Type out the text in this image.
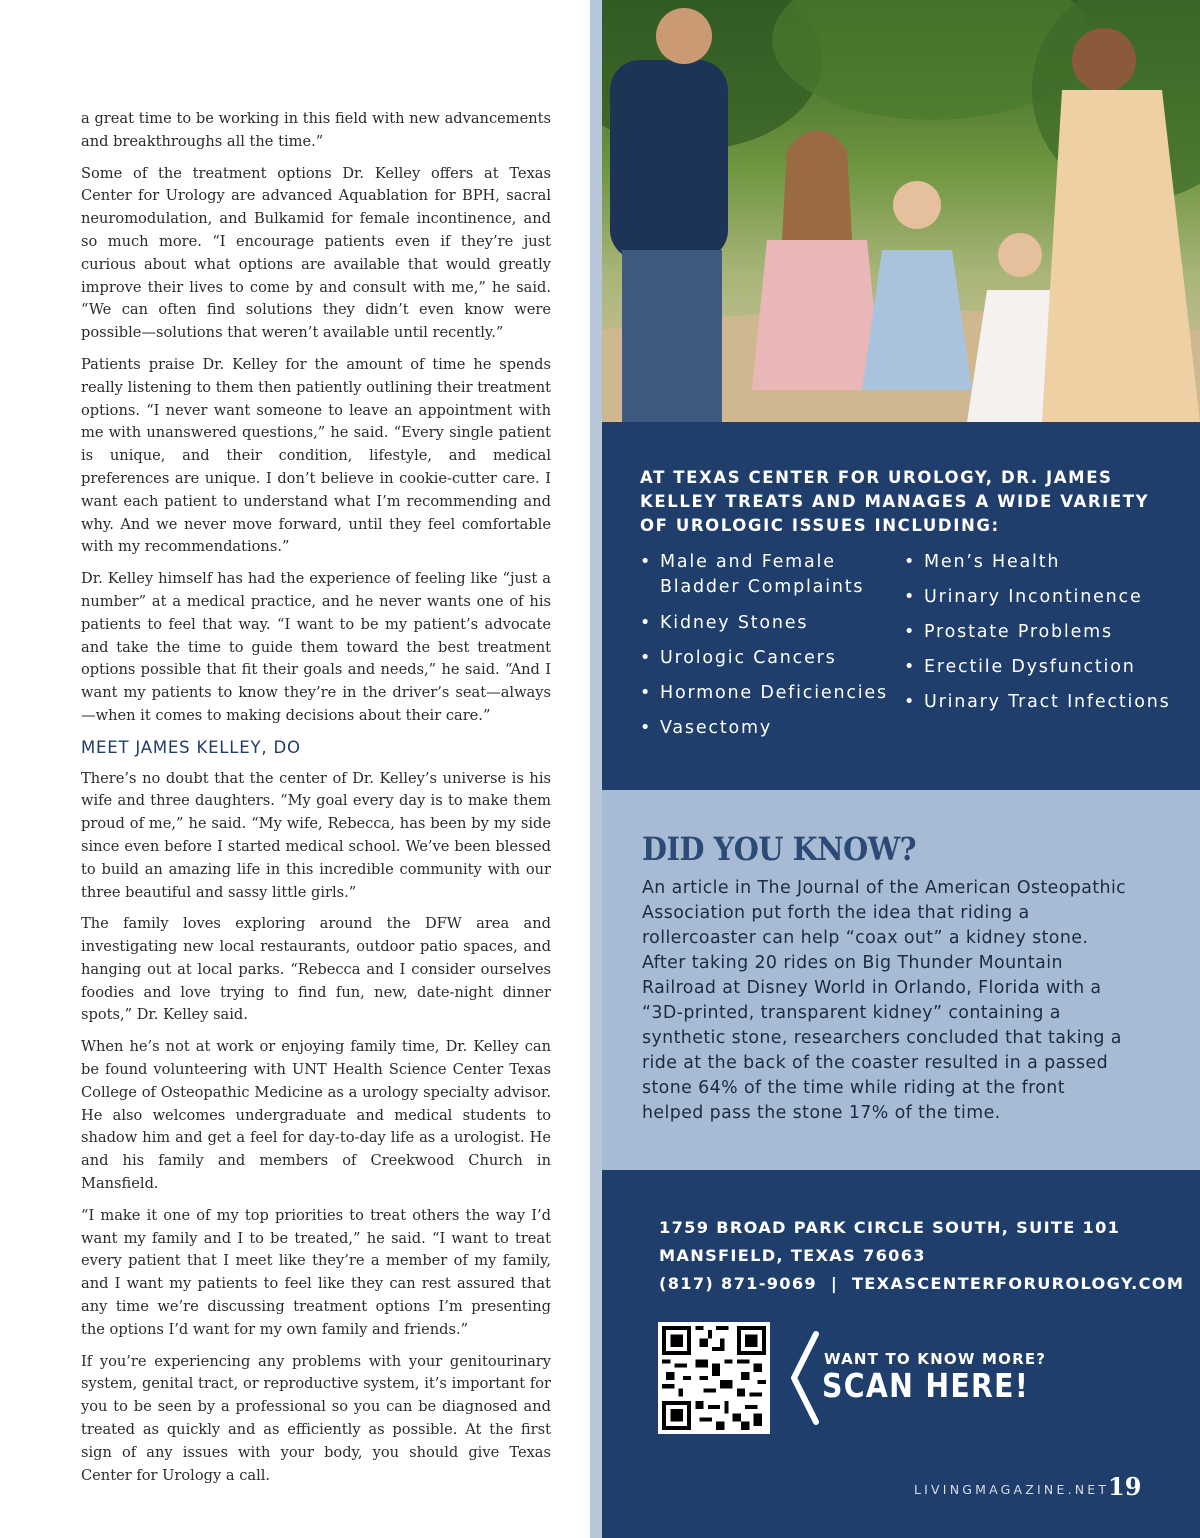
a great time to be working in this field with new advancements and breakthroughs all the time.”

Some of the treatment options Dr. Kelley offers at Texas Center for Urology are advanced Aquablation for BPH, sacral neuromodulation, and Bulkamid for female incontinence, and so much more. “I encourage patients even if they’re just curious about what options are available that would greatly improve their lives to come by and consult with me,” he said. “We can often find solutions they didn’t even know were possible—solutions that weren’t available until recently.”

Patients praise Dr. Kelley for the amount of time he spends really listening to them then patiently outlining their treatment options. “I never want someone to leave an appointment with me with unanswered questions,” he said. “Every single patient is unique, and their condition, lifestyle, and medical preferences are unique. I don’t believe in cookie-cutter care. I want each patient to understand what I’m recommending and why. And we never move forward, until they feel comfortable with my recommendations.”

Dr. Kelley himself has had the experience of feeling like “just a number” at a medical practice, and he never wants one of his patients to feel that way. “I want to be my patient’s advocate and take the time to guide them toward the best treatment options possible that fit their goals and needs,” he said. “And I want my patients to know they’re in the driver’s seat—always—when it comes to making decisions about their care.”

MEET JAMES KELLEY, DO

There’s no doubt that the center of Dr. Kelley’s universe is his wife and three daughters. “My goal every day is to make them proud of me,” he said. “My wife, Rebecca, has been by my side since even before I started medical school. We’ve been blessed to build an amazing life in this incredible community with our three beautiful and sassy little girls.”

The family loves exploring around the DFW area and investigating new local restaurants, outdoor patio spaces, and hanging out at local parks. “Rebecca and I consider ourselves foodies and love trying to find fun, new, date-night dinner spots,” Dr. Kelley said.

When he’s not at work or enjoying family time, Dr. Kelley can be found volunteering with UNT Health Science Center Texas College of Osteopathic Medicine as a urology specialty advisor. He also welcomes undergraduate and medical students to shadow him and get a feel for day-to-day life as a urologist. He and his family and members of Creekwood Church in Mansfield.

“I make it one of my top priorities to treat others the way I’d want my family and I to be treated,” he said. “I want to treat every patient that I meet like they’re a member of my family, and I want my patients to feel like they can rest assured that any time we’re discussing treatment options I’m presenting the options I’d want for my own family and friends.”

If you’re experiencing any problems with your genitourinary system, genital tract, or reproductive system, it’s important for you to be seen by a professional so you can be diagnosed and treated as quickly and as efficiently as possible. At the first sign of any issues with your body, you should give Texas Center for Urology a call.

AT TEXAS CENTER FOR UROLOGY, DR. JAMES KELLEY TREATS AND MANAGES A WIDE VARIETY OF UROLOGIC ISSUES INCLUDING:
• Male and Female Bladder Complaints
• Kidney Stones
• Urologic Cancers
• Hormone Deficiencies
• Vasectomy
• Men’s Health
• Urinary Incontinence
• Prostate Problems
• Erectile Dysfunction
• Urinary Tract Infections
DID YOU KNOW?

An article in The Journal of the American Osteopathic Association put forth the idea that riding a rollercoaster can help “coax out” a kidney stone. After taking 20 rides on Big Thunder Mountain Railroad at Disney World in Orlando, Florida with a “3D-printed, transparent kidney” containing a synthetic stone, researchers concluded that taking a ride at the back of the coaster resulted in a passed stone 64% of the time while riding at the front helped pass the stone 17% of the time.

1759 BROAD PARK CIRCLE SOUTH, SUITE 101
MANSFIELD, TEXAS 76063
(817) 871-9069  |  TEXASCENTERFORUROLOGY.COM
WANT TO KNOW MORE?
SCAN HERE!
LIVINGMAGAZINE.NET
19
